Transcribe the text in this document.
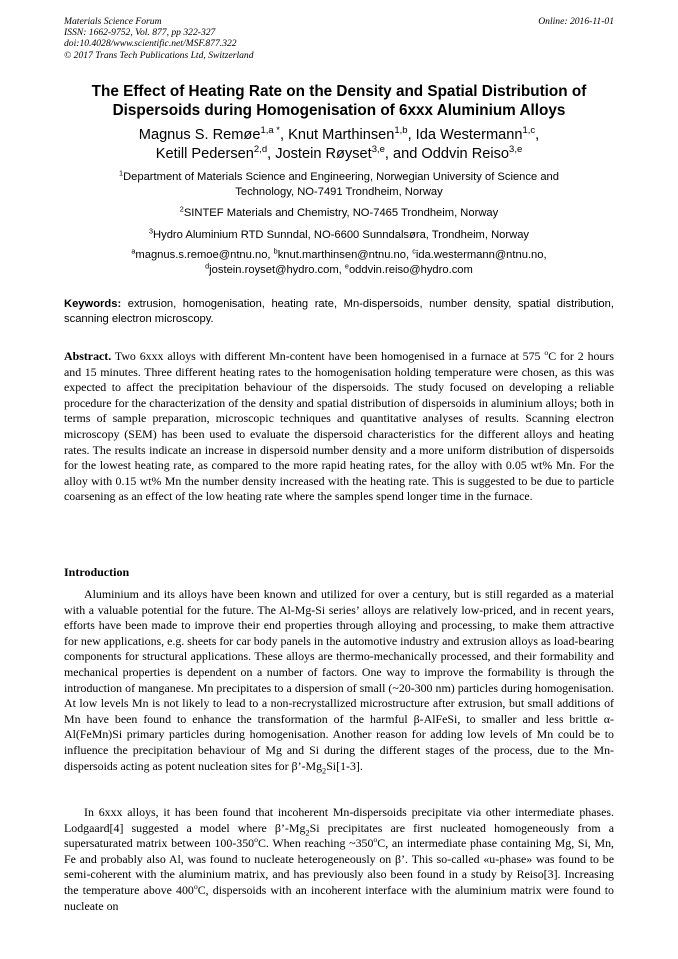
Materials Science Forum
ISSN: 1662-9752, Vol. 877, pp 322-327
doi:10.4028/www.scientific.net/MSF.877.322
© 2017 Trans Tech Publications Ltd, Switzerland
Online: 2016-11-01
The Effect of Heating Rate on the Density and Spatial Distribution of
Dispersoids during Homogenisation of 6xxx Aluminium Alloys
Magnus S. Remøe$^{1,a *}$, Knut Marthinsen$^{1,b}$, Ida Westermann$^{1,c}$,
Ketill Pedersen$^{2,d}$, Jostein Røyset$^{3,e}$, and Oddvin Reiso$^{3,e}$
$^1$Department of Materials Science and Engineering, Norwegian University of Science and
Technology, NO-7491 Trondheim, Norway
$^2$SINTEF Materials and Chemistry, NO-7465 Trondheim, Norway
$^3$Hydro Aluminium RTD Sunndal, NO-6600 Sunndalsøra, Trondheim, Norway
$^a$magnus.s.remoe@ntnu.no, $^b$knut.marthinsen@ntnu.no, $^c$ida.westermann@ntnu.no,
$^d$jostein.royset@hydro.com, $^e$oddvin.reiso@hydro.com
Keywords: extrusion, homogenisation, heating rate, Mn-dispersoids, number density, spatial distribution, scanning electron microscopy.
Abstract. Two 6xxx alloys with different Mn-content have been homogenised in a furnace at 575 $^o$C for 2 hours and 15 minutes. Three different heating rates to the homogenisation holding temperature were chosen, as this was expected to affect the precipitation behaviour of the dispersoids. The study focused on developing a reliable procedure for the characterization of the density and spatial distribution of dispersoids in aluminium alloys; both in terms of sample preparation, microscopic techniques and quantitative analyses of results. Scanning electron microscopy (SEM) has been used to evaluate the dispersoid characteristics for the different alloys and heating rates. The results indicate an increase in dispersoid number density and a more uniform distribution of dispersoids for the lowest heating rate, as compared to the more rapid heating rates, for the alloy with 0.05 wt% Mn. For the alloy with 0.15 wt% Mn the number density increased with the heating rate. This is suggested to be due to particle coarsening as an effect of the low heating rate where the samples spend longer time in the furnace.
Introduction
Aluminium and its alloys have been known and utilized for over a century, but is still regarded as a material with a valuable potential for the future. The Al-Mg-Si series’ alloys are relatively low-priced, and in recent years, efforts have been made to improve their end properties through alloying and processing, to make them attractive for new applications, e.g. sheets for car body panels in the automotive industry and extrusion alloys as load-bearing components for structural applications. These alloys are thermo-mechanically processed, and their formability and mechanical properties is dependent on a number of factors. One way to improve the formability is through the introduction of manganese. Mn precipitates to a dispersion of small (~20-300 nm) particles during homogenisation. At low levels Mn is not likely to lead to a non-recrystallized microstructure after extrusion, but small additions of Mn have been found to enhance the transformation of the harmful β-AlFeSi, to smaller and less brittle α-Al(FeMn)Si primary particles during homogenisation. Another reason for adding low levels of Mn could be to influence the precipitation behaviour of Mg and Si during the different stages of the process, due to the Mn-dispersoids acting as potent nucleation sites for $\beta’-Mg_2Si[1-3]$.
In 6xxx alloys, it has been found that incoherent Mn-dispersoids precipitate via other intermediate phases. Lodgaard[4] suggested a model where $\beta’-Mg_2Si$ precipitates are first nucleated homogeneously from a supersaturated matrix between 100-350$^o$C. When reaching ~350$^o$C, an intermediate phase containing Mg, Si, Mn, Fe and probably also Al, was found to nucleate heterogeneously on β’. This so-called «u-phase» was found to be semi-coherent with the aluminium matrix, and has previously also been found in a study by Reiso[3]. Increasing the temperature above 400$^o$C, dispersoids with an incoherent interface with the aluminium matrix were found to nucleate on
